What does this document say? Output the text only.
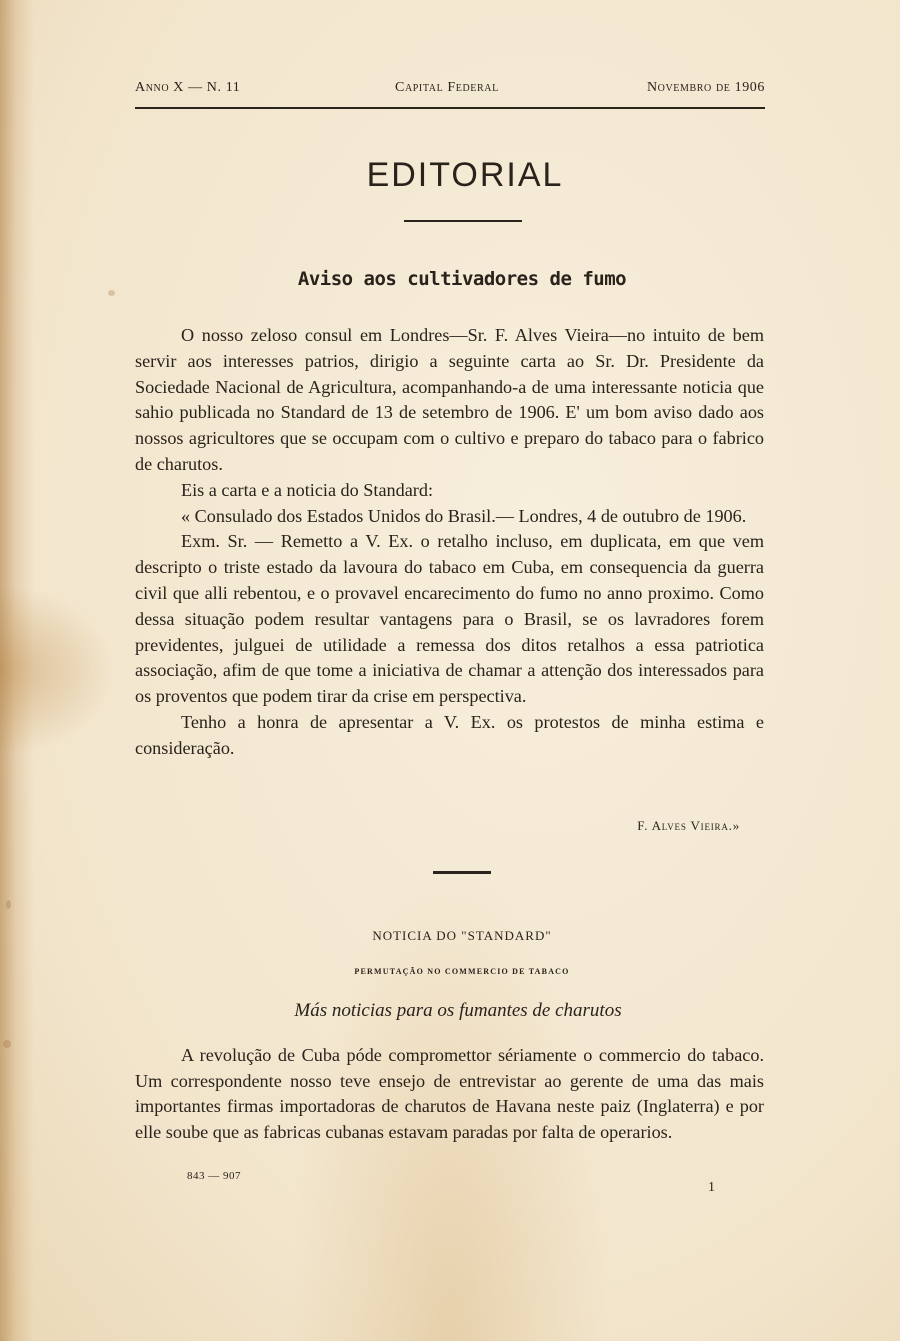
Anno X — N. 11	Capital Federal	Novembro de 1906
EDITORIAL
Aviso aos cultivadores de fumo

O nosso zeloso consul em Londres—Sr. F. Alves Vieira—no intuito de bem servir aos interesses patrios, dirigio a seguinte carta ao Sr. Dr. Presidente da Sociedade Nacional de Agricultura, acompanhando-a de uma interessante noticia que sahio publicada no Standard de 13 de setembro de 1906. E' um bom aviso dado aos nossos agricultores que se occupam com o cultivo e preparo do tabaco para o fabrico de charutos.

Eis a carta e a noticia do Standard:

« Consulado dos Estados Unidos do Brasil.— Londres, 4 de outubro de 1906.

Exm. Sr. — Remetto a V. Ex. o retalho incluso, em duplicata, em que vem descripto o triste estado da lavoura do tabaco em Cuba, em consequencia da guerra civil que alli rebentou, e o provavel encarecimento do fumo no anno proximo. Como dessa situação podem resultar vantagens para o Brasil, se os lavradores forem previdentes, julguei de utilidade a remessa dos ditos retalhos a essa patriotica associação, afim de que tome a iniciativa de chamar a attenção dos interessados para os proventos que podem tirar da crise em perspectiva.

Tenho a honra de apresentar a V. Ex. os protestos de minha estima e consideração.

F. Alves Vieira.»
NOTICIA DO "STANDARD"
PERMUTAÇÃO NO COMMERCIO DE TABACO
Más noticias para os fumantes de charutos

A revolução de Cuba póde compromettor sériamente o commercio do tabaco. Um correspondente nosso teve ensejo de entrevistar ao gerente de uma das mais importantes firmas importadoras de charutos de Havana neste paiz (Inglaterra) e por elle soube que as fabricas cubanas estavam paradas por falta de operarios.

843 — 907
1
